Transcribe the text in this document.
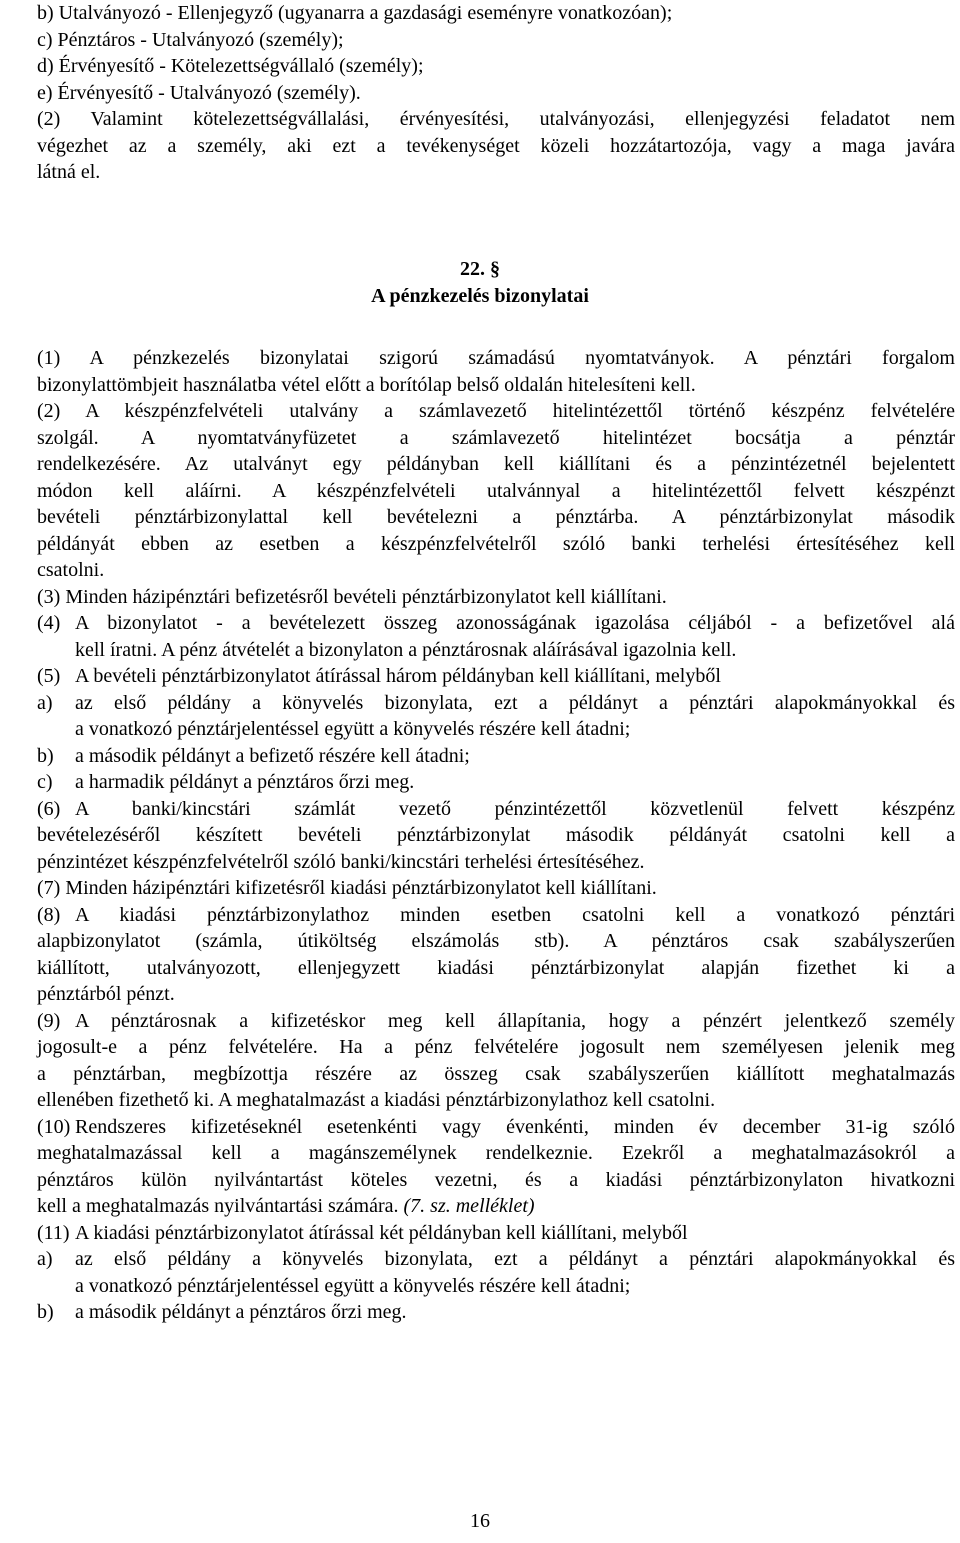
b) Utalványozó - Ellenjegyző (ugyanarra a gazdasági eseményre vonatkozóan);
c) Pénztáros - Utalványozó (személy);
d) Érvényesítő - Kötelezettségvállaló (személy);
e) Érvényesítő - Utalványozó (személy).
(2) Valamint kötelezettségvállalási, érvényesítési, utalványozási, ellenjegyzési feladatot nem
végezhet az a személy, aki ezt a tevékenységet közeli hozzátartozója, vagy a maga javára
látná el.
22. §
A pénzkezelés bizonylatai
(1) A pénzkezelés bizonylatai szigorú számadású nyomtatványok. A pénztári forgalom
bizonylattömbjeit használatba vétel előtt a borítólap belső oldalán hitelesíteni kell.
(2) A készpénzfelvételi utalvány a számlavezető hitelintézettől történő készpénz felvételére
szolgál. A nyomtatványfüzetet a számlavezető hitelintézet bocsátja a pénztár
rendelkezésére. Az utalványt egy példányban kell kiállítani és a pénzintézetnél bejelentett
módon kell aláírni. A készpénzfelvételi utalvánnyal a hitelintézettől felvett készpénzt
bevételi pénztárbizonylattal kell bevételezni a pénztárba. A pénztárbizonylat második
példányát ebben az esetben a készpénzfelvételről szóló banki terhelési értesítéséhez kell
csatolni.
(3) Minden házipénztári befizetésről bevételi pénztárbizonylatot kell kiállítani.
(4) A bizonylatot - a bevételezett összeg azonosságának igazolása céljából - a befizetővel alá
kell íratni. A pénz átvételét a bizonylaton a pénztárosnak aláírásával igazolnia kell.
(5) A bevételi pénztárbizonylatot átírással három példányban kell kiállítani, melyből
a)	az első példány a könyvelés bizonylata, ezt a példányt a pénztári alapokmányokkal és
a vonatkozó pénztárjelentéssel együtt a könyvelés részére kell átadni;
b)	a második példányt a befizető részére kell átadni;
c)	a harmadik példányt a pénztáros őrzi meg.
(6) A banki/kincstári számlát vezető pénzintézettől közvetlenül felvett készpénz
bevételezéséről készített bevételi pénztárbizonylat második példányát csatolni kell a
pénzintézet készpénzfelvételről szóló banki/kincstári terhelési értesítéséhez.
(7) Minden házipénztári kifizetésről kiadási pénztárbizonylatot kell kiállítani.
(8) A kiadási pénztárbizonylathoz minden esetben csatolni kell a vonatkozó pénztári
alapbizonylatot (számla, útiköltség elszámolás stb). A pénztáros csak szabályszerűen
kiállított, utalványozott, ellenjegyzett kiadási pénztárbizonylat alapján fizethet ki a
pénztárból pénzt.
(9) A pénztárosnak a kifizetéskor meg kell állapítania, hogy a pénzért jelentkező személy
jogosult-e a pénz felvételére. Ha a pénz felvételére jogosult nem személyesen jelenik meg
a pénztárban, megbízottja részére az összeg csak szabályszerűen kiállított meghatalmazás
ellenében fizethető ki. A meghatalmazást a kiadási pénztárbizonylathoz kell csatolni.
(10) Rendszeres kifizetéseknél esetenkénti vagy évenkénti, minden év december 31-ig szóló
meghatalmazással kell a magánszemélynek rendelkeznie. Ezekről a meghatalmazásokról a
pénztáros külön nyilvántartást köteles vezetni, és a kiadási pénztárbizonylaton hivatkozni
kell a meghatalmazás nyilvántartási számára. (7. sz. melléklet)
(11) A kiadási pénztárbizonylatot átírással két példányban kell kiállítani, melyből
a)	az első példány a könyvelés bizonylata, ezt a példányt a pénztári alapokmányokkal és
a vonatkozó pénztárjelentéssel együtt a könyvelés részére kell átadni;
b)	a második példányt a pénztáros őrzi meg.
16
